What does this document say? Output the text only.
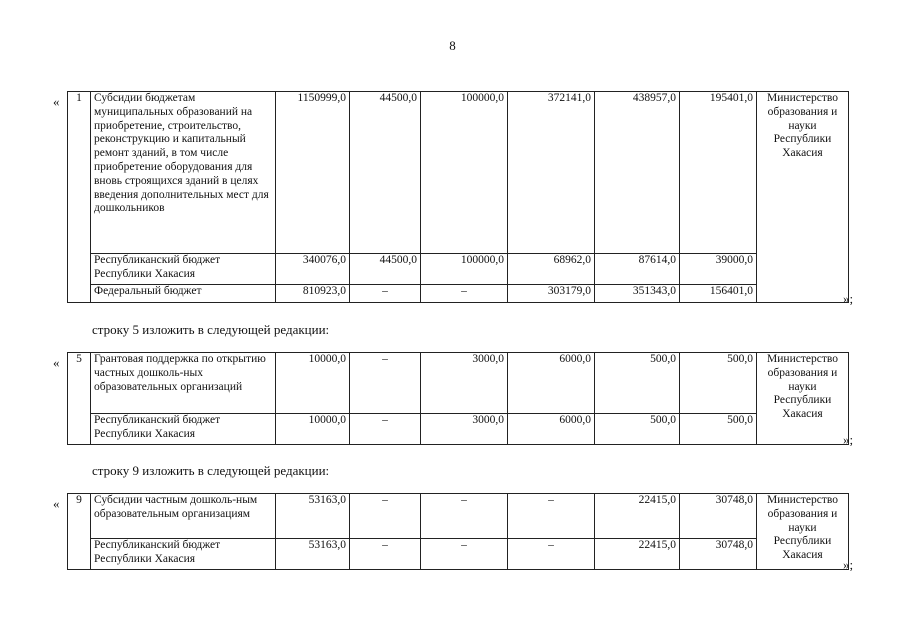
8
« 1	Субсидии бюджетам муниципальных образований на приобретение, строительство, реконструкцию и капитальный ремонт зданий, в том числе приобретение оборудования для вновь строящихся зданий в целях введения дополнительных мест для дошкольников	1150999,0	44500,0	100000,0	372141,0	438957,0	195401,0	Министерство образования и науки Республики Хакасия
	Республиканский бюджет Республики Хакасия	340076,0	44500,0	100000,0	68962,0	87614,0	39000,0	
	Федеральный бюджет	810923,0	–	–	303179,0	351343,0	156401,0		»;
строку 5 изложить в следующей редакции:
« 5	Грантовая поддержка по открытию частных дошколь-ных образовательных организаций	10000,0	–	3000,0	6000,0	500,0	500,0	Министерство образования и науки Республики Хакасия
	Республиканский бюджет Республики Хакасия	10000,0	–	3000,0	6000,0	500,0	500,0	
»;
строку 9 изложить в следующей редакции:
« 9	Субсидии частным дошколь-ным образовательным организациям	53163,0	–	–	–	22415,0	30748,0	Министерство образования и науки Республики Хакасия
	Республиканский бюджет Республики Хакасия	53163,0	–	–	–	22415,0	30748,0	
»;
